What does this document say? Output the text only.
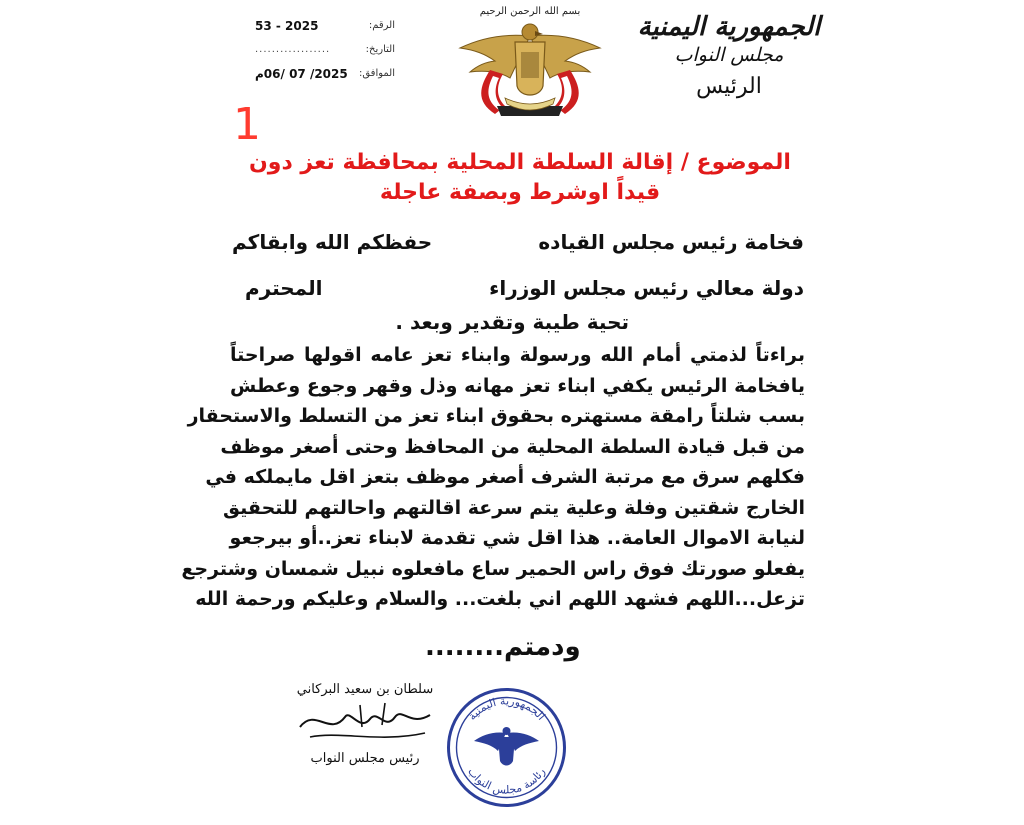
الرقم:
53 - 2025
التاريخ:
..................
الموافق:
2025/ 07 /06م
بسم الله الرحمن الرحيم
الجمهورية اليمنية
مجلس النواب
الرئيس
1
الموضوع / إقالة السلطة المحلية بمحافظة تعز دون
قيداً اوشرط وبصفة عاجلة
فخامة رئيس مجلس القياده
حفظكم الله وابقاكم
دولة معالي رئيس مجلس الوزراء
المحترم
تحية طيبة وتقدير وبعد .
براءتاً لذمتي أمام الله ورسولة وابناء تعز عامه اقولها صراحتاً
يافخامة الرئيس يكفي ابناء تعز مهانه وذل وقهر وجوع وعطش
بسب شلتاً رامقة مستهتره بحقوق ابناء تعز من التسلط والاستحقار
من قبل قيادة السلطة المحلية من المحافظ وحتى أصغر موظف
فكلهم سرق مع مرتبة الشرف أصغر موظف بتعز اقل مايملكه في
الخارج شقتين وفلة وعلية يتم سرعة اقالتهم واحالتهم للتحقيق
لنيابة الاموال العامة.. هذا اقل شي تقدمة لابناء تعز..أو بيرجعو
يفعلو صورتك فوق راس الحمير ساع مافعلوه نبيل شمسان وشترجع
تزعل...اللهم فشهد اللهم اني بلغت... والسلام وعليكم ورحمة الله
ودمتم........
سلطان بن سعيد البركاني
رئيس مجلس النواب
الجمهورية اليمنية
رئاسة مجلس النواب
